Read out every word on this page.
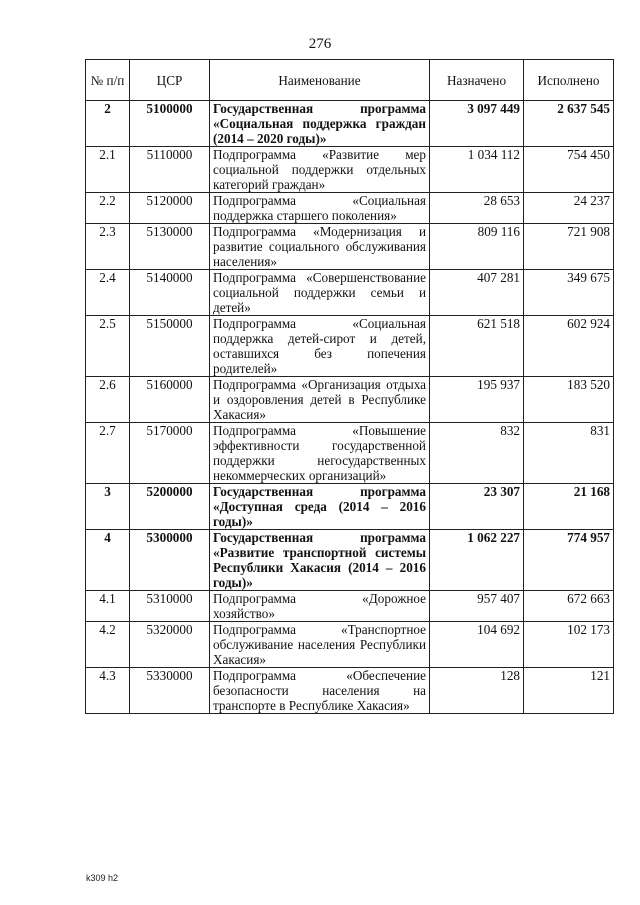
276
№ п/п	ЦСР	Наименование	Назначено	Исполнено
2	5100000	Государственная программа «Социальная поддержка граждан (2014 – 2020 годы)»	3 097 449	2 637 545
2.1	5110000	Подпрограмма «Развитие мер социальной поддержки отдельных категорий граждан»	1 034 112	754 450
2.2	5120000	Подпрограмма «Социальная поддержка старшего поколения»	28 653	24 237
2.3	5130000	Подпрограмма «Модернизация и развитие социального обслуживания населения»	809 116	721 908
2.4	5140000	Подпрограмма «Совершенствование социальной поддержки семьи и детей»	407 281	349 675
2.5	5150000	Подпрограмма «Социальная поддержка детей-сирот и детей, оставшихся без попечения родителей»	621 518	602 924
2.6	5160000	Подпрограмма «Организация отдыха и оздоровления детей в Республике Хакасия»	195 937	183 520
2.7	5170000	Подпрограмма «Повышение эффективности государственной поддержки негосударственных некоммерческих организаций»	832	831
3	5200000	Государственная программа «Доступная среда (2014 – 2016 годы)»	23 307	21 168
4	5300000	Государственная программа «Развитие транспортной системы Республики Хакасия (2014 – 2016 годы)»	1 062 227	774 957
4.1	5310000	Подпрограмма «Дорожное хозяйство»	957 407	672 663
4.2	5320000	Подпрограмма «Транспортное обслуживание населения Республики Хакасия»	104 692	102 173
4.3	5330000	Подпрограмма «Обеспечение безопасности населения на транспорте в Республике Хакасия»	128	121
k309 h2
